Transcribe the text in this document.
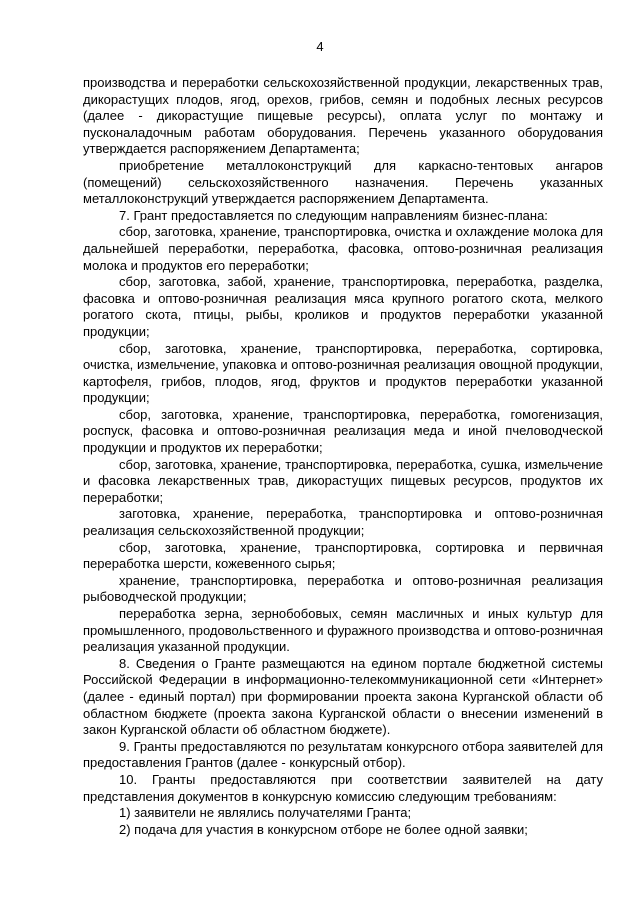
4

производства и переработки сельскохозяйственной продукции, лекарственных трав, дикорастущих плодов, ягод, орехов, грибов, семян и подобных лесных ресурсов (далее - дикорастущие пищевые ресурсы), оплата услуг по монтажу и пусконаладочным работам оборудования. Перечень указанного оборудования утверждается распоряжением Департамента;

приобретение металлоконструкций для каркасно-тентовых ангаров (помещений) сельскохозяйственного назначения. Перечень указанных металлоконструкций утверждается распоряжением Департамента.

7. Грант предоставляется по следующим направлениям бизнес-плана:

сбор, заготовка, хранение, транспортировка, очистка и охлаждение молока для дальнейшей переработки, переработка, фасовка, оптово-розничная реализация молока и продуктов его переработки;

сбор, заготовка, забой, хранение, транспортировка, переработка, разделка, фасовка и оптово-розничная реализация мяса крупного рогатого скота, мелкого рогатого скота, птицы, рыбы, кроликов и продуктов переработки указанной продукции;

сбор, заготовка, хранение, транспортировка, переработка, сортировка, очистка, измельчение, упаковка и оптово-розничная реализация овощной продукции, картофеля, грибов, плодов, ягод, фруктов и продуктов переработки указанной продукции;

сбор, заготовка, хранение, транспортировка, переработка, гомогенизация, роспуск, фасовка и оптово-розничная реализация меда и иной пчеловодческой продукции и продуктов их переработки;

сбор, заготовка, хранение, транспортировка, переработка, сушка, измельчение и фасовка лекарственных трав, дикорастущих пищевых ресурсов, продуктов их переработки;

заготовка, хранение, переработка, транспортировка и оптово-розничная реализация сельскохозяйственной продукции;

сбор, заготовка, хранение, транспортировка, сортировка и первичная переработка шерсти, кожевенного сырья;

хранение, транспортировка, переработка и оптово-розничная реализация рыбоводческой продукции;

переработка зерна, зернобобовых, семян масличных и иных культур для промышленного, продовольственного и фуражного производства и оптово-розничная реализация указанной продукции.

8. Сведения о Гранте размещаются на едином портале бюджетной системы Российской Федерации в информационно-телекоммуникационной сети «Интернет» (далее - единый портал) при формировании проекта закона Курганской области об областном бюджете (проекта закона Курганской области о внесении изменений в закон Курганской области об областном бюджете).

9. Гранты предоставляются по результатам конкурсного отбора заявителей для предоставления Грантов (далее - конкурсный отбор).

10. Гранты предоставляются при соответствии заявителей на дату представления документов в конкурсную комиссию следующим требованиям:

1) заявители не являлись получателями Гранта;

2) подача для участия в конкурсном отборе не более одной заявки;
